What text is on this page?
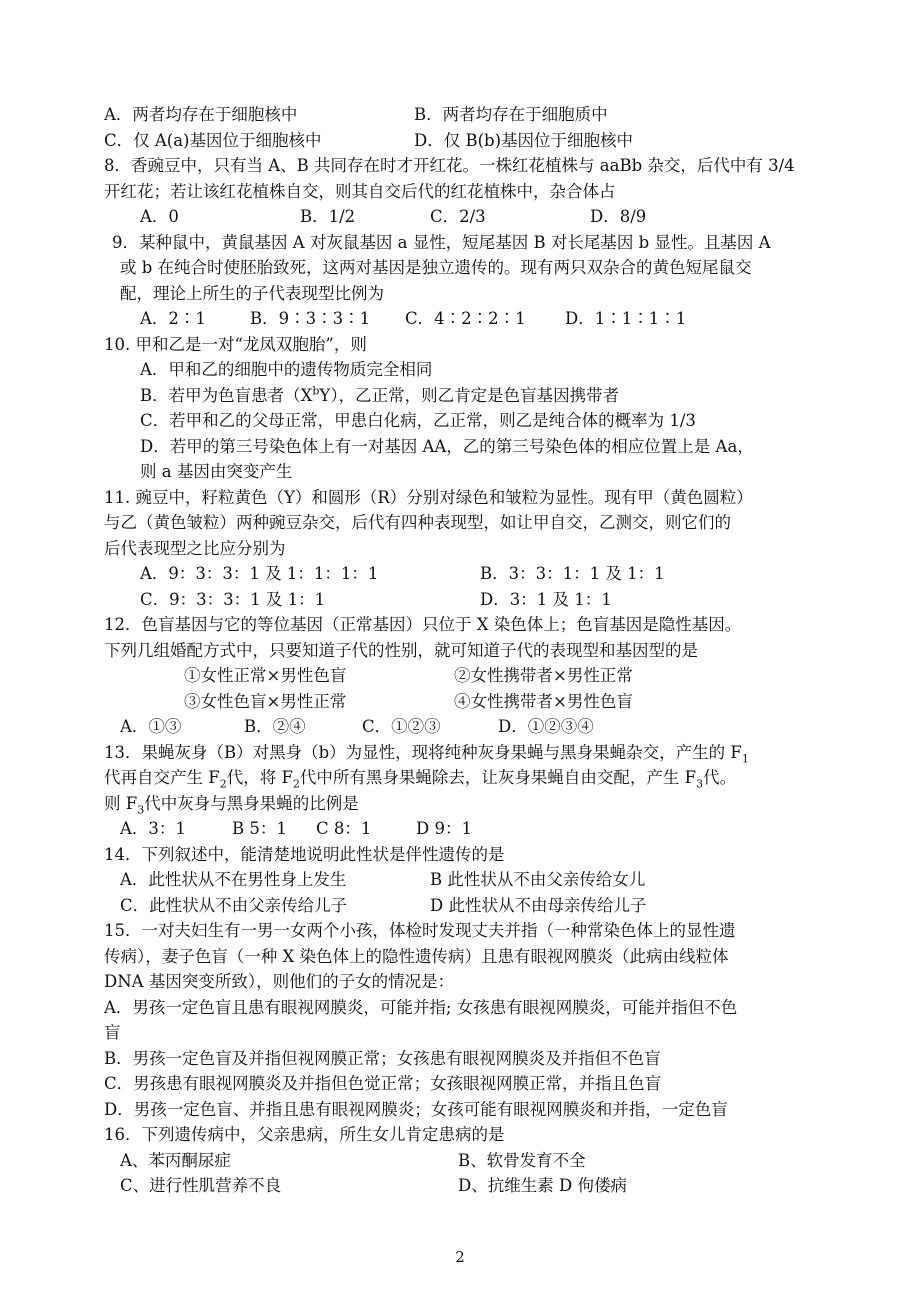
A．两者均存在于细胞核中	B．两者均存在于细胞质中
C．仅 A(a)基因位于细胞核中	D．仅 B(b)基因位于细胞核中
8．香豌豆中，只有当 A、B 共同存在时才开红花。一株红花植株与 aaBb 杂交，后代中有 3/4
开红花；若让该红花植株自交，则其自交后代的红花植株中，杂合体占
A．0	B．1/2	C．2/3	D．8/9
9．某种鼠中，黄鼠基因 A 对灰鼠基因 a 显性，短尾基因 B 对长尾基因 b 显性。且基因 A
或 b 在纯合时使胚胎致死，这两对基因是独立遗传的。现有两只双杂合的黄色短尾鼠交
配，理论上所生的子代表现型比例为
A．2∶1	B．9∶3∶3∶1 C．4∶2∶2∶1 D．1∶1∶1∶1
10. 甲和乙是一对“龙凤双胞胎”，则
A．甲和乙的细胞中的遗传物质完全相同
B．若甲为色盲患者$(X^bY)$，乙正常，则乙肯定是色盲基因携带者
C．若甲和乙的父母正常，甲患白化病，乙正常，则乙是纯合体的概率为 1/3
D．若甲的第三号染色体上有一对基因 AA，乙的第三号染色体的相应位置上是 Aa，
则 a 基因由突变产生
11. 豌豆中，籽粒黄色（Y）和圆形（R）分别对绿色和皱粒为显性。现有甲（黄色圆粒）
与乙（黄色皱粒）两种豌豆杂交，后代有四种表现型，如让甲自交，乙测交，则它们的
后代表现型之比应分别为
A．9：3：3：1 及 1：1：1：1	B．3：3：1：1 及 1：1
C．9：3：3：1 及 1：1	D．3：1 及 1：1
12．色盲基因与它的等位基因（正常基因）只位于 X 染色体上；色盲基因是隐性基因。
下列几组婚配方式中，只要知道子代的性别，就可知道子代的表现型和基因型的是
①女性正常×男性色盲	②女性携带者×男性正常
③女性色盲×男性正常	④女性携带者×男性色盲
A．①③	B．②④	C．①②③	D．①②③④
13．果蝇灰身（B）对黑身（b）为显性，现将纯种灰身果蝇与黑身果蝇杂交，产生的 $F_1$
代再自交产生 $F_2$代，将 $F_2$代中所有黑身果蝇除去，让灰身果蝇自由交配，产生 $F_3$代。
则 $F_3$代中灰身与黑身果蝇的比例是
A．3：1	B 5：1 C 8：1	D 9：1
14．下列叙述中，能清楚地说明此性状是伴性遗传的是
A．此性状从不在男性身上发生	B 此性状从不由父亲传给女儿
C．此性状从不由父亲传给儿子	D 此性状从不由母亲传给儿子
15．一对夫妇生有一男一女两个小孩，体检时发现丈夫并指（一种常染色体上的显性遗
传病），妻子色盲（一种 X 染色体上的隐性遗传病）且患有眼视网膜炎（此病由线粒体
DNA 基因突变所致），则他们的子女的情况是：
A．男孩一定色盲且患有眼视网膜炎，可能并指; 女孩患有眼视网膜炎，可能并指但不色
盲
B．男孩一定色盲及并指但视网膜正常；女孩患有眼视网膜炎及并指但不色盲
C．男孩患有眼视网膜炎及并指但色觉正常；女孩眼视网膜正常，并指且色盲
D．男孩一定色盲、并指且患有眼视网膜炎；女孩可能有眼视网膜炎和并指，一定色盲
16．下列遗传病中，父亲患病，所生女儿肯定患病的是
A、苯丙酮尿症	B、软骨发育不全
C、进行性肌营养不良	D、抗维生素 D 佝偻病
2
